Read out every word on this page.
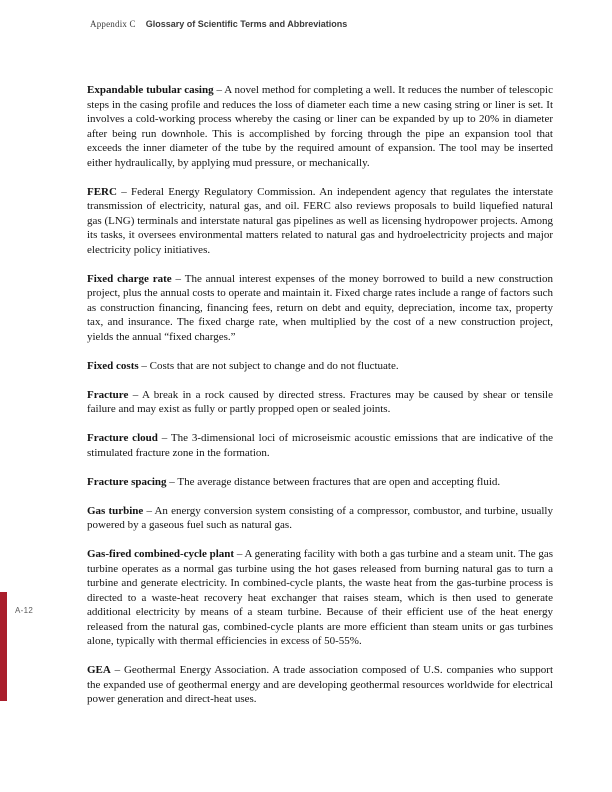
Appendix C Glossary of Scientific Terms and Abbreviations
A-12

Expandable tubular casing – A novel method for completing a well. It reduces the number of telescopic steps in the casing profile and reduces the loss of diameter each time a new casing string or liner is set. It involves a cold-working process whereby the casing or liner can be expanded by up to 20% in diameter after being run downhole. This is accomplished by forcing through the pipe an expansion tool that exceeds the inner diameter of the tube by the required amount of expansion. The tool may be inserted either hydraulically, by applying mud pressure, or mechanically.

FERC – Federal Energy Regulatory Commission. An independent agency that regulates the interstate transmission of electricity, natural gas, and oil. FERC also reviews proposals to build liquefied natural gas (LNG) terminals and interstate natural gas pipelines as well as licensing hydropower projects. Among its tasks, it oversees environmental matters related to natural gas and hydroelectricity projects and major electricity policy initiatives.

Fixed charge rate – The annual interest expenses of the money borrowed to build a new construction project, plus the annual costs to operate and maintain it. Fixed charge rates include a range of factors such as construction financing, financing fees, return on debt and equity, depreciation, income tax, property tax, and insurance. The fixed charge rate, when multiplied by the cost of a new construction project, yields the annual “fixed charges.”

Fixed costs – Costs that are not subject to change and do not fluctuate.

Fracture – A break in a rock caused by directed stress. Fractures may be caused by shear or tensile failure and may exist as fully or partly propped open or sealed joints.

Fracture cloud – The 3-dimensional loci of microseismic acoustic emissions that are indicative of the stimulated fracture zone in the formation.

Fracture spacing – The average distance between fractures that are open and accepting fluid.

Gas turbine – An energy conversion system consisting of a compressor, combustor, and turbine, usually powered by a gaseous fuel such as natural gas.

Gas-fired combined-cycle plant – A generating facility with both a gas turbine and a steam unit. The gas turbine operates as a normal gas turbine using the hot gases released from burning natural gas to turn a turbine and generate electricity. In combined-cycle plants, the waste heat from the gas-turbine process is directed to a waste-heat recovery heat exchanger that raises steam, which is then used to generate additional electricity by means of a steam turbine. Because of their efficient use of the heat energy released from the natural gas, combined-cycle plants are more efficient than steam units or gas turbines alone, typically with thermal efficiencies in excess of 50-55%.

GEA – Geothermal Energy Association. A trade association composed of U.S. companies who support the expanded use of geothermal energy and are developing geothermal resources worldwide for electrical power generation and direct-heat uses.
